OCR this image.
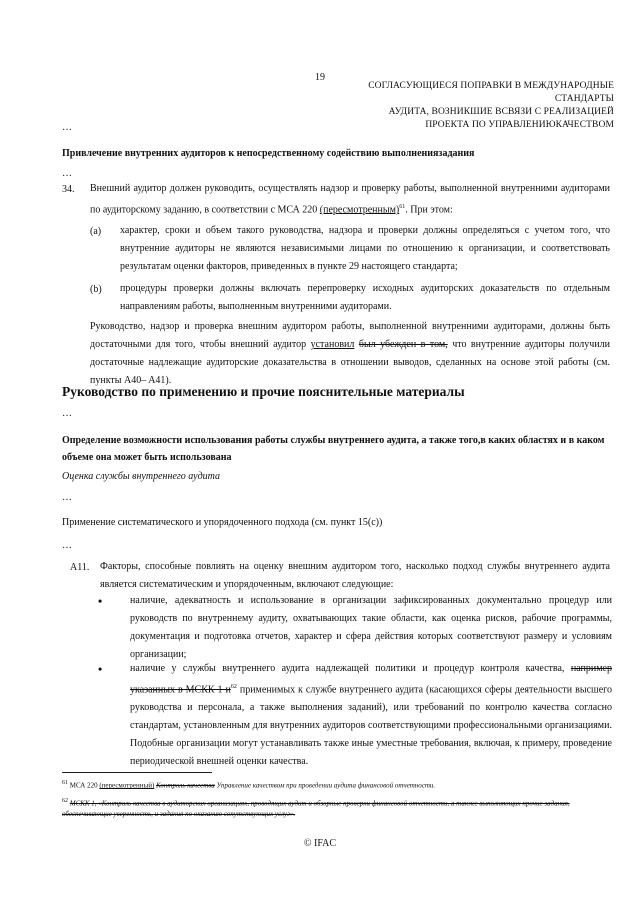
19
СОГЛАСУЮЩИЕСЯ ПОПРАВКИ В МЕЖДУНАРОДНЫЕ СТАНДАРТЫ
АУДИТА, ВОЗНИКШИЕ ВСВЯЗИ С РЕАЛИЗАЦИЕЙ
ПРОЕКТА ПО УПРАВЛЕНИЮКАЧЕСТВОМ
…
Привлечение внутренних аудиторов к непосредственному содействию выполнениязадания
…
34. Внешний аудитор должен руководить, осуществлять надзор и проверку работы, выполненной внутренними аудиторами по аудиторскому заданию, в соответствии с МСА 220 (пересмотренным)$^{61}$. При этом:
(a) характер, сроки и объем такого руководства, надзора и проверки должны определяться с учетом того, что внутренние аудиторы не являются независимыми лицами по отношению к организации, и соответствовать результатам оценки факторов, приведенных в пункте 29 настоящего стандарта;
(b) процедуры проверки должны включать перепроверку исходных аудиторских доказательств по отдельным направлениям работы, выполненным внутренними аудиторами.
Руководство, надзор и проверка внешним аудитором работы, выполненной внутренними аудиторами, должны быть достаточными для того, чтобы внешний аудитор установил был убежден в том, что внутренние аудиторы получили достаточные надлежащие аудиторские доказательства в отношении выводов, сделанных на основе этой работы (см. пункты A40– A41).
Руководство по применению и прочие пояснительные материалы
…
Определение возможности использования работы службы внутреннего аудита, а также того,в каких областях и в каком объеме она может быть использована
Оценка службы внутреннего аудита
…
Применение систематического и упорядоченного подхода (см. пункт 15(c))
…
A11. Факторы, способные повлиять на оценку внешним аудитором того, насколько подход службы внутреннего аудита является систематическим и упорядоченным, включают следующие:
•	наличие, адекватность и использование в организации зафиксированных документально процедур или руководств по внутреннему аудиту, охватывающих такие области, как оценка рисков, рабочие программы, документация и подготовка отчетов, характер и сфера действия которых соответствуют размеру и условиям организации;
•	наличие у службы внутреннего аудита надлежащей политики и процедур контроля качества, например указанных в МСКК 1 $и^{62}$ применимых к службе внутреннего аудита (касающихся сферы деятельности высшего руководства и персонала, а также выполнения заданий), или требований по контролю качества согласно стандартам, установленным для внутренних аудиторов соответствующими профессиональными организациями. Подобные организации могут устанавливать также иные уместные требования, включая, к примеру, проведение периодической внешней оценки качества.
$^{61}$ МСА 220 (пересмотренный) Контроль качества Управление качеством при проведении аудита финансовой отчетности.
$^{62}$ МСКК 1, «Контроль качества в аудиторских организациях, проводящих аудит и обзорные проверки финансовой отчетности, а также выполняющих прочие задания, обеспечивающие уверенность, и задания по оказанию сопутствующих услуг».
© IFAC
